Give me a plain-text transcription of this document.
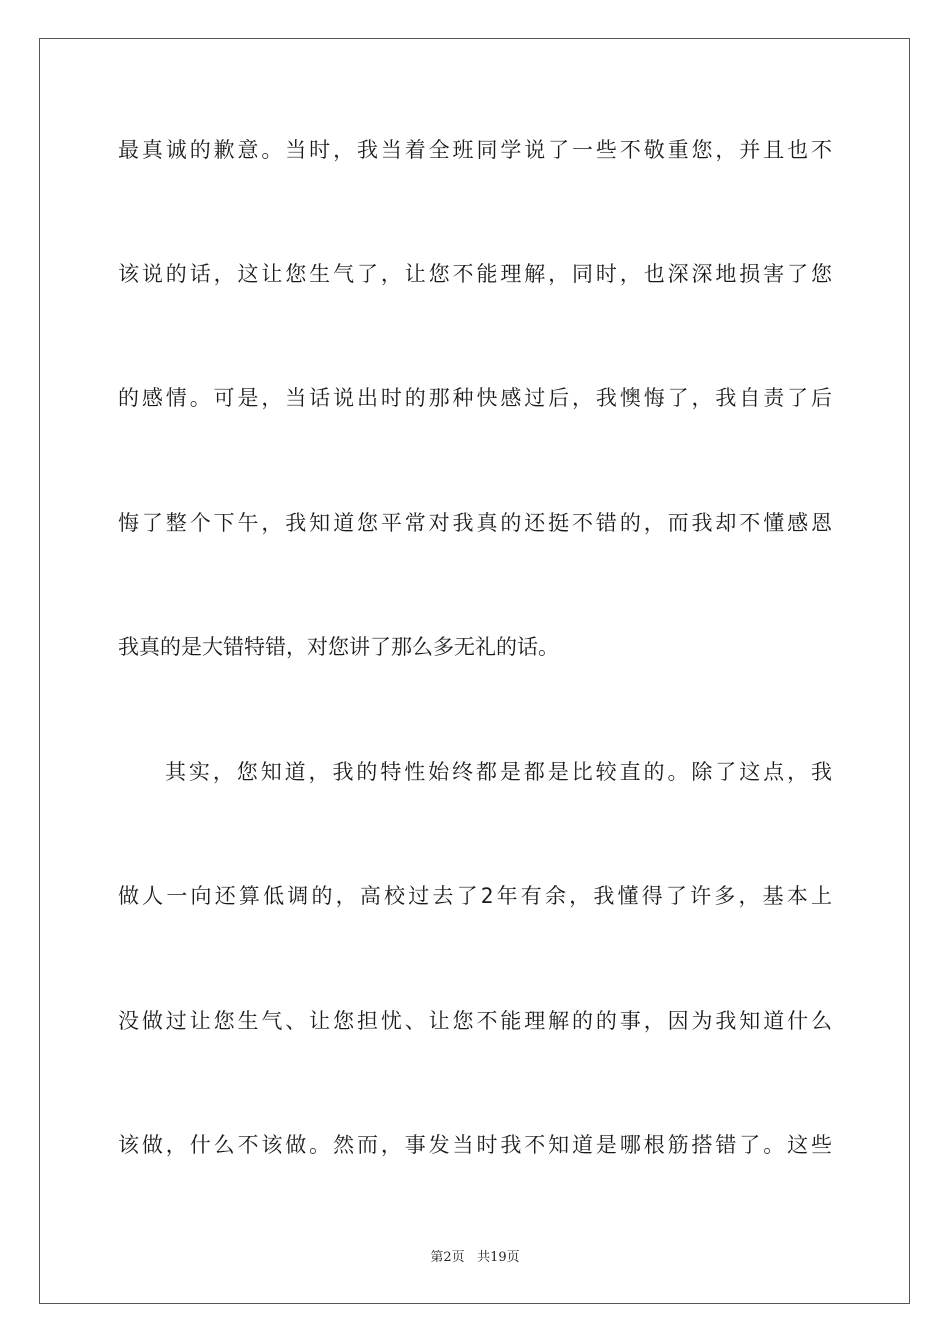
最真诚的歉意。当时，我当着全班同学说了一些不敬重您，并且也不
该说的话，这让您生气了，让您不能理解，同时，也深深地损害了您
的感情。可是，当话说出时的那种快感过后，我懊悔了，我自责了后
悔了整个下午，我知道您平常对我真的还挺不错的，而我却不懂感恩
我真的是大错特错，对您讲了那么多无礼的话。
其实，您知道，我的特性始终都是都是比较直的。除了这点，我
做人一向还算低调的，高校过去了2年有余，我懂得了许多，基本上
没做过让您生气、让您担忧、让您不能理解的的事，因为我知道什么
该做，什么不该做。然而，事发当时我不知道是哪根筋搭错了。这些
第2页 共19页
